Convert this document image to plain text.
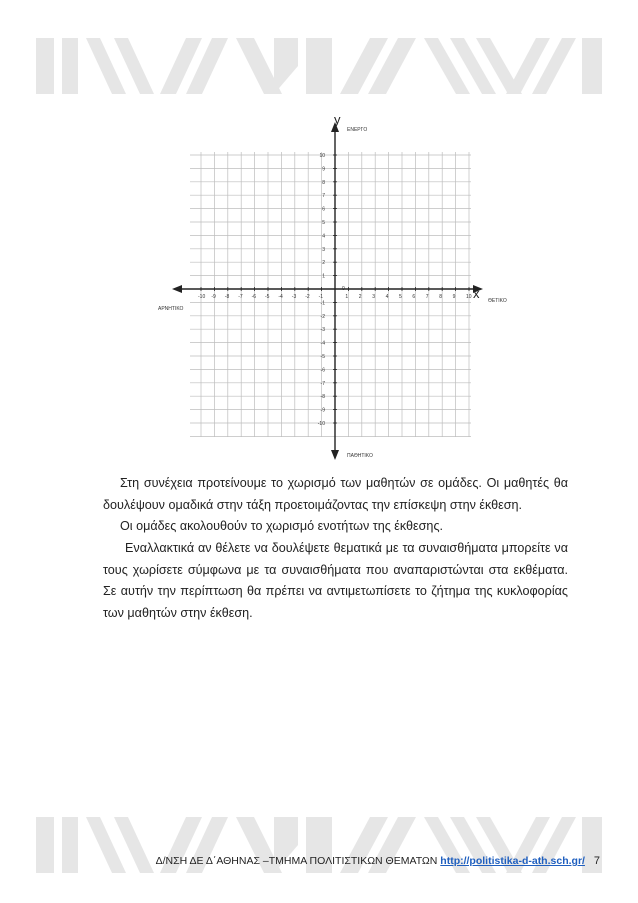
-10 -9 -8 -7 -6 -5 -4 -3 -2 -1	1 2 3 4 5 6 7 8 9 10
10
9
8
7
6
5
4
3
2
1
-1
-2
-3
-4
-5
-6
-7
-8
-9
-10
y
x
ΕΝΕΡΓΟ
ΠΑΘΗΤΙΚΟ
ΑΡΝΗΤΙΚΟ
ΘΕΤΙΚΟ
0
Στη συνέχεια προτείνουμε το χωρισμό των μαθητών σε ομάδες. Οι μαθητές θα δουλέψουν ομαδικά στην τάξη προετοιμάζοντας την επίσκεψη στην έκθεση.
Οι ομάδες ακολουθούν το χωρισμό ενοτήτων της έκθεσης.
Εναλλακτικά αν θέλετε να δουλέψετε θεματικά με τα συναισθήματα μπορείτε να τους χωρίσετε σύμφωνα με τα συναισθήματα που αναπαριστώνται στα εκθέματα. Σε αυτήν την περίπτωση θα πρέπει να αντιμετωπίσετε το ζήτημα της κυκλοφορίας των μαθητών στην έκθεση.
Δ/ΝΣΗ ΔΕ Δ΄ΑΘΗΝΑΣ –ΤΜΗΜΑ ΠΟΛΙΤΙΣΤΙΚΩΝ ΘΕΜΑΤΩΝ http://politistika-d-ath.sch.gr/ 7
